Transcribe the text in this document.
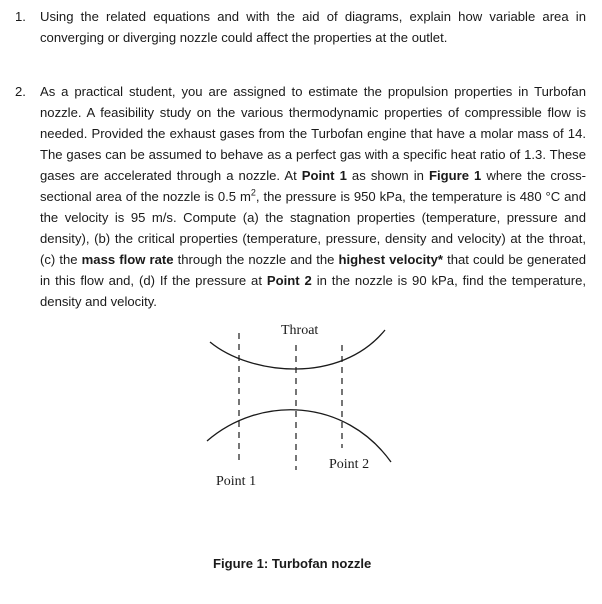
1. Using the related equations and with the aid of diagrams, explain how variable area in converging or diverging nozzle could affect the properties at the outlet.
2. As a practical student, you are assigned to estimate the propulsion properties in Turbofan nozzle. A feasibility study on the various thermodynamic properties of compressible flow is needed. Provided the exhaust gases from the Turbofan engine that have a molar mass of 14. The gases can be assumed to behave as a perfect gas with a specific heat ratio of 1.3. These gases are accelerated through a nozzle. At Point 1 as shown in Figure 1 where the cross-sectional area of the nozzle is 0.5 $m^2$, the pressure is 950 kPa, the temperature is 480 °C and the velocity is 95 m/s. Compute (a) the stagnation properties (temperature, pressure and density), (b) the critical properties (temperature, pressure, density and velocity) at the throat, (c) the mass flow rate through the nozzle and the highest velocity* that could be generated in this flow and, (d) If the pressure at Point 2 in the nozzle is 90 kPa, find the temperature, density and velocity.
Throat
Point 1
Point 2
Figure 1: Turbofan nozzle
